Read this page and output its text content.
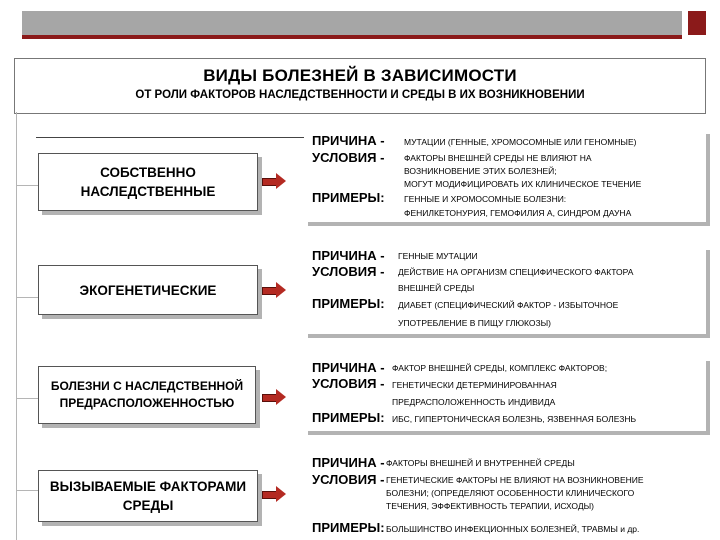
ВИДЫ БОЛЕЗНЕЙ В ЗАВИСИМОСТИ
ОТ РОЛИ ФАКТОРОВ НАСЛЕДСТВЕННОСТИ И СРЕДЫ В ИХ ВОЗНИКНОВЕНИИ
СОБСТВЕННО НАСЛЕДСТВЕННЫЕ
ЭКОГЕНЕТИЧЕСКИЕ
БОЛЕЗНИ С НАСЛЕДСТВЕННОЙ ПРЕДРАСПОЛОЖЕННОСТЬЮ
ВЫЗЫВАЕМЫЕ ФАКТОРАМИ СРЕДЫ
ПРИЧИНА - МУТАЦИИ (ГЕННЫЕ, ХРОМОСОМНЫЕ ИЛИ ГЕНОМНЫЕ)
УСЛОВИЯ - ФАКТОРЫ ВНЕШНЕЙ СРЕДЫ НЕ ВЛИЯЮТ НА
ВОЗНИКНОВЕНИЕ ЭТИХ БОЛЕЗНЕЙ;
МОГУТ МОДИФИЦИРОВАТЬ ИХ КЛИНИЧЕСКОЕ ТЕЧЕНИЕ
ПРИМЕРЫ: ГЕННЫЕ И ХРОМОСОМНЫЕ БОЛЕЗНИ:
ФЕНИЛКЕТОНУРИЯ, ГЕМОФИЛИЯ А, СИНДРОМ ДАУНА
ПРИЧИНА - ГЕННЫЕ МУТАЦИИ
УСЛОВИЯ - ДЕЙСТВИЕ НА ОРГАНИЗМ СПЕЦИФИЧЕСКОГО ФАКТОРА
ВНЕШНЕЙ СРЕДЫ
ПРИМЕРЫ: ДИАБЕТ (СПЕЦИФИЧЕСКИЙ ФАКТОР - ИЗБЫТОЧНОЕ
УПОТРЕБЛЕНИЕ В ПИЩУ ГЛЮКОЗЫ)
ПРИЧИНА - ФАКТОР ВНЕШНЕЙ СРЕДЫ, КОМПЛЕКС ФАКТОРОВ;
УСЛОВИЯ - ГЕНЕТИЧЕСКИ ДЕТЕРМИНИРОВАННАЯ
ПРЕДРАСПОЛОЖЕННОСТЬ ИНДИВИДА
ПРИМЕРЫ: ИБС, ГИПЕРТОНИЧЕСКАЯ БОЛЕЗНЬ, ЯЗВЕННАЯ БОЛЕЗНЬ
ПРИЧИНА - ФАКТОРЫ ВНЕШНЕЙ И ВНУТРЕННЕЙ СРЕДЫ
УСЛОВИЯ - ГЕНЕТИЧЕСКИЕ ФАКТОРЫ НЕ ВЛИЯЮТ НА ВОЗНИКНОВЕНИЕ
БОЛЕЗНИ; (ОПРЕДЕЛЯЮТ ОСОБЕННОСТИ КЛИНИЧЕСКОГО
ТЕЧЕНИЯ, ЭФФЕКТИВНОСТЬ ТЕРАПИИ, ИСХОДЫ)
ПРИМЕРЫ: БОЛЬШИНСТВО ИНФЕКЦИОННЫХ БОЛЕЗНЕЙ, ТРАВМЫ и др.
